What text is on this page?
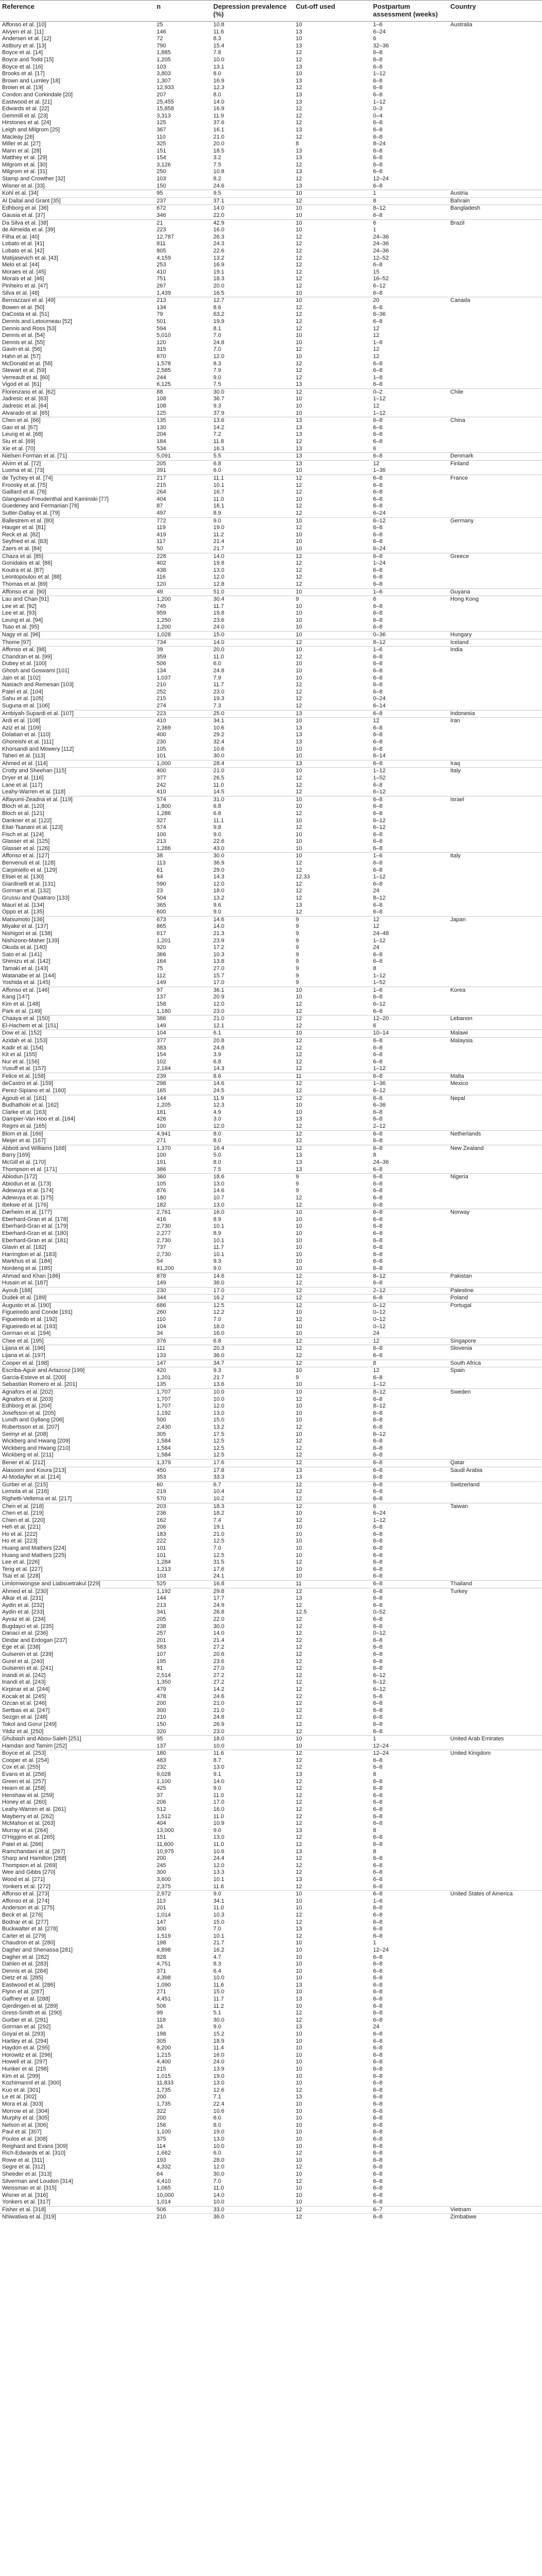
Reference	n	Depression prevalence (%)	Cut-off used	Postpartum assessment (weeks)	Country
Affonso et al. [10]	25	10.8	10	1–6	Australia
Alvyen et al. [11]	146	11.6	13	6–24	
Andersen et al. [12]	72	8.3	10	6	
Astbury et al. [13]	790	15.4	13	32–36	
Boyce et al. [14]	1,885	7.8	12	6–8	
Boyce and Todd [15]	1,205	10.0	12	6–8	
Boyce et al. [16]	103	13.1	13	6–8	
Brooks et al. [17]	3,803	8.0	10	1–12	
Brown and Lumley [18]	1,307	16.9	13	6–8	
Brown et al. [19]	12,933	12.3	12	6–8	
Condon and Corkindale [20]	207	8.0	13	6–8	
Eastwood et al. [21]	25,455	14.0	13	1–12	
Edwards et al. [22]	15,858	16.9	12	0–3	
Gemmill et al. [23]	3,313	11.9	12	0–4	
Hirstones et al. [24]	125	37.6	12	6–8	
Leigh and Milgrom [25]	367	16.1	13	6–8	
Macleay [26]	110	21.0	12	6–8	
Miller et al. [27]	325	20.0	8	8–24	
Mann et al. [28]	151	18.5	13	6–8	
Matthey et al. [29]	154	3.2	13	6–8	
Milgrom et al. [30]	3,126	7.5	12	6–8	
Milgrom et al. [31]	250	10.8	13	6–8	
Stamp and Crowther [32]	103	8.2	12	12–24	
Wisner et al. [33]	150	24.6	13	6–8	
Kohl et al. [34]	95	9.5	10	1	Austria
Al Dallal and Grant [35]	237	37.1	12	8	Bahrain
Edhborg et al. [36]	672	14.0	10	8–12	Bangladesh
Gausia et al. [37]	346	22.0	10	6–8	
Da Silva et al. [38]	21	42.9	10	6	Brazil
de Almeida et al. [39]	223	16.0	10	1	
Filha et al. [40]	12,787	26.3	12	24–36	
Lobato et al. [41]	811	24.3	12	24–36	
Lobato et al. [42]	805	22.6	12	24–36	
Matijasevich et al. [43]	4,159	13.2	12	12–52	
Melo et al. [44]	253	16.9	12	6–8	
Moraes et al. [45]	410	19.1	12	15	
Morais et al. [46]	751	18.3	12	16–52	
Pinheiro et al. [47]	267	20.0	12	6–12	
Silva et al. [48]	1,439	16.5	10	6–8	
Bernazzani et al. [49]	213	12.7	10	20	Canada
Bowen et al. [50]	134	8.6	12	6–8	
DaCosta et al. [51]	79	63.2	12	6–36	
Dennis and Letourneau [52]	501	19.9	12	6–8	
Dennis and Ross [53]	594	8.1	12	12	
Dennis et al. [54]	5,010	7.0	10	12	
Dennis et al. [55]	120	24.8	10	1–8	
Gavin et al. [56]	315	7.0	12	12	
Hahn et al. [57]	670	12.0	10	12	
McDonald et al. [58]	1,578	8.3	12	6–8	
Stewart et al. [59]	2,585	7.9	12	6–8	
Verreault et al. [60]	244	9.0	12	1–8	
Vigod et al. [61]	6,125	7.5	13	6–8	
Florenzano et al. [62]	88	30.0	12	0–2	Chile
Jadresic et al. [63]	108	36.7	10	1–12	
Jadresic et al. [64]	108	9.3	10	12	
Alvarado et al. [65]	125	37.9	10	1–12	
Chen et al. [66]	135	13.6	13	6–8	China
Gao et al. [67]	130	14.2	13	6–8	
Leung et al. [68]	204	7.2	13	6–8	
Siu et al. [69]	184	11.8	12	6–8	
Xie et al. [70]	534	16.3	13	6	
Nielsen Forman et al. [71]	5,091	5.5	13	6–8	Denmark
Alvim et al. [72]	205	6.8	13	12	Finland
Luoma et al. [73]	391	6.0	10	1–36	
de Tychey et al. [74]	217	11.1	12	6–8	France
Froosky et al. [75]	215	10.1	12	6–8	
Gaillard et al. [76]	264	16.7	12	6–8	
Glangeaud-Freudenthal and Kaminski [77]	404	11.0	10	6–8	
Guedeney and Fermanian [78]	87	16.1	12	6–8	
Sutter-Dallay et al. [79]	497	8.9	12	6–24	
Ballestrem et al. [80]	772	9.0	10	6–12	Germany
Hauger et al. [81]	119	19.0	12	6–8	
Reck et al. [82]	419	11.2	10	6–8	
Seyfried et al. [83]	117	21.4	10	6–8	
Zaers et al. [84]	50	21.7	10	6–24	
Chaza et al. [85]	228	14.0	12	6–8	Greece
Gonidakis et al. [86]	402	19.8	12	1–24	
Koutra et al. [87]	438	13.0	12	6–8	
Leontopoulou et al. [88]	116	12.0	12	6–8	
Thomas et al. [89]	120	12.8	12	6–8	
Affonso et al. [90]	49	51.0	10	1–6	Guyana
Lau and Chan [91]	1,200	30.4	9	6	Hong Kong
Lee et al. [92]	745	11.7	10	6–8	
Lee et al. [93]	959	19.8	10	6–8	
Leung et al. [94]	1,250	23.6	10	6–8	
Tsao et al. [95]	1,200	24.0	10	6–8	
Nagy et al. [96]	1,028	15.0	10	0–36	Hungary
Thome [97]	734	14.0	12	8–12	Iceland
Affonso et al. [98]	39	20.0	10	1–6	India
Chandran et al. [99]	359	11.0	12	6–8	
Dubey et al. [100]	506	6.0	10	6–8	
Ghosh and Goswami [101]	134	24.8	10	6–8	
Jain et al. [102]	1,037	7.9	10	6–8	
Nasiach and Remesan [103]	210	11.7	12	6–8	
Patel et al. [104]	252	23.0	12	6–8	
Sahu et al. [105]	215	19.3	12	0–24	
Suguna et al. [106]	274	7.3	12	6–14	
Ambiyah-Supardi et al. [107]	223	25.0	13	6–8	Indonesia
Ardi et al. [108]	410	34.1	10	12	Iran
Aziz et al. [109]	2,369	10.6	13	6–8	
Dolatian et al. [110]	400	29.2	13	6–8	
Ghoreishi et al. [111]	230	32.4	13	6–8	
Khorsandi and Mowery [112]	105	10.6	10	6–8	
Taheri et al. [113]	101	30.0	10	6–14	
Ahmed et al. [114]	1,000	28.4	13	6–8	Iraq
Crotty and Sheehan [115]	400	21.0	10	1–12	Italy
Dryer et al. [116]	377	26.5	12	1–52	
Lane et al. [117]	242	11.0	12	6–8	
Leahy-Warren et al. [118]	410	14.5	12	6–12	
Alfayumi-Zeadna et al. [119]	574	31.0	10	6–8	Israel
Bloch et al. [120]	1,800	6.8	10	6–8	
Bloch et al. [121]	1,286	6.8	12	6–8	
Dankner et al. [122]	327	11.1	10	6–12	
Eilat-Tsanani et al. [123]	574	9.8	12	6–12	
Fisch et al. [124]	100	9.0	10	6–8	
Glasser et al. [125]	213	22.6	10	6–8	
Glasser et al. [126]	1,286	43.0	10	6–8	
Affonso et al. [127]	38	30.0	10	1–6	Italy
Benvenuti et al. [128]	113	36.9	12	6–8	
Carpiniello et al. [129]	61	29.0	12	6–8	
Elisei et al. [130]	64	14.3	12.33	1–12	
Giardinelli et al. [131]	590	12.0	12	6–8	
Gorman et al. [132]	23	18.0	12	24	
Grussu and Quatraro [133]	504	13.2	12	8–12	
Mauri et al. [134]	365	9.6	13	6–8	
Oppo et al. [135]	600	9.0	12	6–8	
Matsumoto [136]	673	14.6	9	12	Japan
Miyake et al. [137]	865	14.0	9	12	
Nishigori et al. [138]	617	21.3	9	24–48	
Nishizono-Maher [139]	1,201	23.9	9	1–12	
Okuda et al. [140]	920	17.2	9	24	
Sato et al. [141]	366	10.3	9	6–8	
Shimizu et al. [142]	164	13.8	9	6–8	
Tamaki et al. [143]	75	27.0	9	8	
Watanabe et al. [144]	112	15.7	9	1–12	
Yoshida et al. [145]	149	17.0	9	1–52	
Affonso et al. [146]	97	36.1	10	1–6	Korea
Kang [147]	137	20.9	10	6–8	
Kim et al. [148]	158	12.0	12	6–12	
Park et al. [149]	1,180	23.0	12	6–8	
Chaaya et al. [150]	386	21.0	12	12–20	Lebanon
El-Hachem et al. [151]	149	12.1	12	6	
Dow et al. [152]	104	6.1	10	10–14	Malawi
Azidah et al. [153]	377	20.8	12	6–8	Malaysia
Kadir et al. [154]	383	24.8	12	6–8	
Kit et al. [155]	154	3.9	12	6–8	
Nur et al. [156]	102	6.8	12	6–8	
Yusuff et al. [157]	2,184	14.3	12	1–12	
Felice et al. [158]	239	8.6	11	6–8	Malta
deCastro et al. [159]	298	14.6	12	1–36	Mexico
Perez-Sipiano et al. [160]	165	24.5	12	6–12	
Agoub et al. [161]	144	11.9	12	6–8	Nepal
Budhathoki et al. [162]	1,205	12.3	10	6–36	
Clarke et al. [163]	181	4.9	10	6–8	
Dampier-Van Hoo et al. [164]	426	3.0	13	6–8	
Regmi et al. [165]	100	12.0	12	2–12	
Blom et al. [166]	4,941	8.0	12	6–8	Netherlands
Meijer et al. [167]	271	8.0	12	6–8	
Abbott and Williams [168]	1,370	16.4	12	6–8	New Zealand
Barry [169]	100	5.0	13	8	
McGill et al. [170]	191	8.0	13	24–36	
Thompson et al. [171]	386	7.5	13	6–8	
Abiodun [172]	360	18.6	9	6–8	Nigeria
Abiodun et al. [173]	105	13.0	9	6–8	
Adewuya et al. [174]	876	14.6	9	6–8	
Adewuya et al. [175]	180	10.7	12	6–8	
Ibekwe et al. [176]	182	13.0	12	6–8	
Dørheim et al. [177]	2,761	16.0	10	6–8	Norway
Eberhard-Gran et al. [178]	416	8.9	10	6–8	
Eberhard-Gran et al. [179]	2,730	10.1	10	6–8	
Eberhard-Gran et al. [180]	2,277	8.9	10	6–8	
Eberhard-Gran et al. [181]	2,730	10.1	10	6–8	
Glavin et al. [182]	737	11.7	10	6–8	
Harrington et al. [183]	2,730	10.1	10	6–8	
Markhus et al. [184]	54	9.3	10	6–8	
Nordeng et al. [185]	61,200	9.0	10	6–8	
Ahmad and Khan [186]	878	14.6	12	8–12	Pakistan
Husain et al. [187]	149	36.0	12	6–8	
Ayoub [188]	230	17.0	12	2–12	Palestine
Dudek et al. [189]	344	16.2	12	6–8	Poland
Augusto et al. [190]	686	12.5	12	0–12	Portugal
Figueiredo and Conde [191]	260	12.2	10	0–12	
Figueiredo et al. [192]	110	7.0	12	0–12	
Figueiredo et al. [193]	104	18.0	10	0–12	
Gorman et al. [194]	34	16.0	10	24	
Chee et al. [195]	376	6.8	12	12	Singapore
Lijana et al. [196]	111	20.3	12	6–8	Slovenia
Lijana et al. [197]	133	36.0	12	6–8	
Cooper et al. [198]	147	34.7	12	8	South Africa
Escriba-Aguir and Artazcoz [199]	420	9.3	10	12	Spain
Garcia-Esteve et al. [200]	1,201	21.7	9	6–8	
Sebastian Romero et al. [201]	135	13.6	10	1–12	
Agnafors et al. [202]	1,707	10.0	10	8–12	Sweden
Agnafors et al. [203]	1,707	10.0	12	6–8	
Edhborg et al. [204]	1,707	12.0	10	8–12	
Josefsson et al. [205]	1,192	13.0	10	6–8	
Lundh and Gyllang [206]	500	15.0	10	6–8	
Rubertsson et al. [207]	2,430	13.2	12	6–8	
Seimyr et al. [208]	305	17.5	10	6–12	
Wickberg and Hwang [209]	1,584	12.5	12	6–8	
Wickberg and Hwang [210]	1,584	12.5	12	6–8	
Wickberg et al. [211]	1,584	12.5	12	6–8	
Bener et al. [212]	1,379	17.6	12	6–8	Qatar
Alasoom and Koura [213]	450	17.8	13	6–8	Saudi Arabia
Al-Modayfer et al. [214]	353	33.3	13	6–8	
Gurber et al. [215]	60	6.7	12	6–8	Switzerland
Lemola et al. [216]	219	10.4	12	6–8	
Righetti-Veltema et al. [217]	570	10.2	12	6–8	
Chen et al. [218]	203	18.3	12	6	Taiwan
Chen et al. [219]	236	18.2	10	6–24	
Chien et al. [220]	162	7.4	12	1–12	
Heh et al. [221]	206	19.1	10	6–8	
Ho et al. [222]	183	21.0	10	6–8	
Ho et al. [223]	222	12.5	10	6–8	
Huang and Mathers [224]	101	7.0	10	6–8	
Huang and Mathers [225]	101	12.5	10	6–8	
Lee et al. [226]	1,284	31.5	12	6–8	
Teng et al. [227]	1,213	17.6	10	6–8	
Tsai et al. [228]	103	24.1	10	6–8	
Limlomwongse and Liabsuetrakul [229]	525	16.8	11	6–8	Thailand
Ahmed et al. [230]	1,192	29.8	12	6–8	Turkey
Alkar et al. [231]	144	17.7	13	6–8	
Aydin et al. [232]	213	24.9	12	6–8	
Aydin et al. [233]	341	26.8	12.5	0–52	
Ayvaz et al. [234]	205	22.0	12	6–8	
Bugdayci et al. [235]	238	30.0	12	6–8	
Danaci et al. [236]	257	14.0	12	0–12	
Dindar and Erdogan [237]	201	21.4	12	6–8	
Ege et al. [238]	583	27.2	12	6–8	
Gulseren et al. [239]	107	20.6	12	6–8	
Gurel et al. [240]	195	23.6	12	6–8	
Gulseren et al. [241]	81	27.0	12	6–8	
Inandi et al. [242]	2,514	27.2	12	6–12	
Inandi et al. [243]	1,350	27.2	12	6–12	
Kirpinar et al. [244]	479	14.2	12	6–12	
Kocak et al. [245]	478	24.6	12	6–8	
Ozcan et al. [246]	200	21.0	12	6–8	
Sertbas et al. [247]	300	21.0	12	6–8	
Sezgin et al. [248]	210	24.8	12	6–8	
Tokol and Gorur [249]	150	26.9	12	6–8	
Yildiz et al. [250]	320	23.0	12	6–8	
Ghubash and Abou-Saleh [251]	95	18.0	10	1	United Arab Emirates
Hamdan and Tamim [252]	137	10.0	10	12–24	
Boyce et al. [253]	180	11.6	12	12–24	United Kingdom
Cooper et al. [254]	483	8.7	12	6–8	
Cox et al. [255]	232	13.0	12	6–8	
Evans et al. [256]	9,028	9.1	13	8	
Green et al. [257]	1,100	14.0	12	6–8	
Hearn et al. [258]	425	9.0	12	6–8	
Henshaw et al. [259]	37	11.0	12	6–8	
Honey et al. [260]	206	17.0	12	6–8	
Leahy-Warren et al. [261]	512	16.0	12	6–8	
Mayberry et al. [262]	1,512	11.0	12	6–8	
McMahon et al. [263]	404	10.9	12	6–8	
Murray et al. [264]	13,000	9.0	13	8	
O'Higgins et al. [265]	151	13.0	12	6–8	
Patel et al. [266]	11,600	11.0	12	6–8	
Ramchandani et al. [267]	10,975	10.6	13	8	
Sharp and Hamilton [268]	200	24.4	12	6–8	
Thompson et al. [269]	245	12.0	12	6–8	
Wee and Gibbs [270]	300	13.3	12	6–8	
Wood et al. [271]	3,600	10.1	13	6–8	
Yonkers et al. [272]	2,375	11.6	12	6–8	
Affonso et al. [273]	2,972	9.0	10	6–8	United States of America
Affonso et al. [274]	113	34.1	10	1–6	
Anderson et al. [275]	201	11.0	10	6–8	
Beck et al. [276]	1,014	10.3	12	6–8	
Bodnar et al. [277]	147	15.0	12	6–8	
Buckwalter et al. [278]	300	7.0	13	6–8	
Carter et al. [279]	1,519	10.1	12	6–8	
Chaudron et al. [280]	198	21.7	10	1	
Dagher and Shenassa [281]	4,898	16.2	10	12–24	
Dagher et al. [282]	828	4.7	10	6–8	
Dahlen et al. [283]	4,751	8.3	10	6–8	
Dennis et al. [284]	371	6.4	10	6–8	
Dietz et al. [285]	4,398	10.0	10	6–8	
Eastwood et al. [286]	1,090	11.6	13	6–8	
Flynn et al. [287]	271	15.0	10	6–8	
Gaffney et al. [288]	4,451	11.7	13	6–8	
Gjerdingen et al. [289]	506	11.2	10	6–8	
Gress-Smith et al. [290]	99	5.1	12	6–8	
Gurber et al. [291]	118	30.0	12	6–8	
Gorman et al. [292]	24	9.0	13	24	
Goyal et al. [293]	198	15.2	10	6–8	
Hartley et al. [294]	305	18.9	10	6–8	
Haydon et al. [295]	6,200	11.4	10	6–8	
Horowitz et al. [296]	1,215	16.0	10	6–8	
Howell et al. [297]	4,400	24.0	10	6–8	
Hunker et al. [298]	215	13.9	10	6–8	
Kim et al. [299]	1,015	19.0	10	6–8	
Kozhimannil et al. [300]	11,833	13.0	10	6–8	
Kuo et al. [301]	1,735	12.6	12	6–8	
Le et al. [302]	200	7.1	13	6–8	
Mora et al. [303]	1,735	22.4	10	6–8	
Morrow et al. [304]	322	10.6	10	6–8	
Murphy et al. [305]	200	6.0	10	6–8	
Nelson et al. [306]	156	8.0	10	6–8	
Paul et al. [307]	1,100	19.0	10	6–8	
Poulos et al. [308]	375	13.0	10	6–8	
Reighard and Evans [309]	114	10.0	10	6–8	
Rich-Edwards et al. [310]	1,662	6.0	12	6–8	
Rowe et al. [311]	193	28.0	10	6–8	
Segre et al. [312]	4,332	12.0	12	6–8	
Sheeder et al. [313]	64	30.0	10	6–8	
Silverman and Loudon [314]	4,410	7.0	12	6–8	
Weissman et al. [315]	1,065	11.0	10	6–8	
Wisner et al. [316]	10,000	14.0	10	6–8	
Yonkers et al. [317]	1,014	10.0	10	6–8	
Fisher et al. [318]	506	33.0	12	6–7	Vietnam
Nhiwatiwa et al. [319]	210	36.0	12	6–8	Zimbabwe
